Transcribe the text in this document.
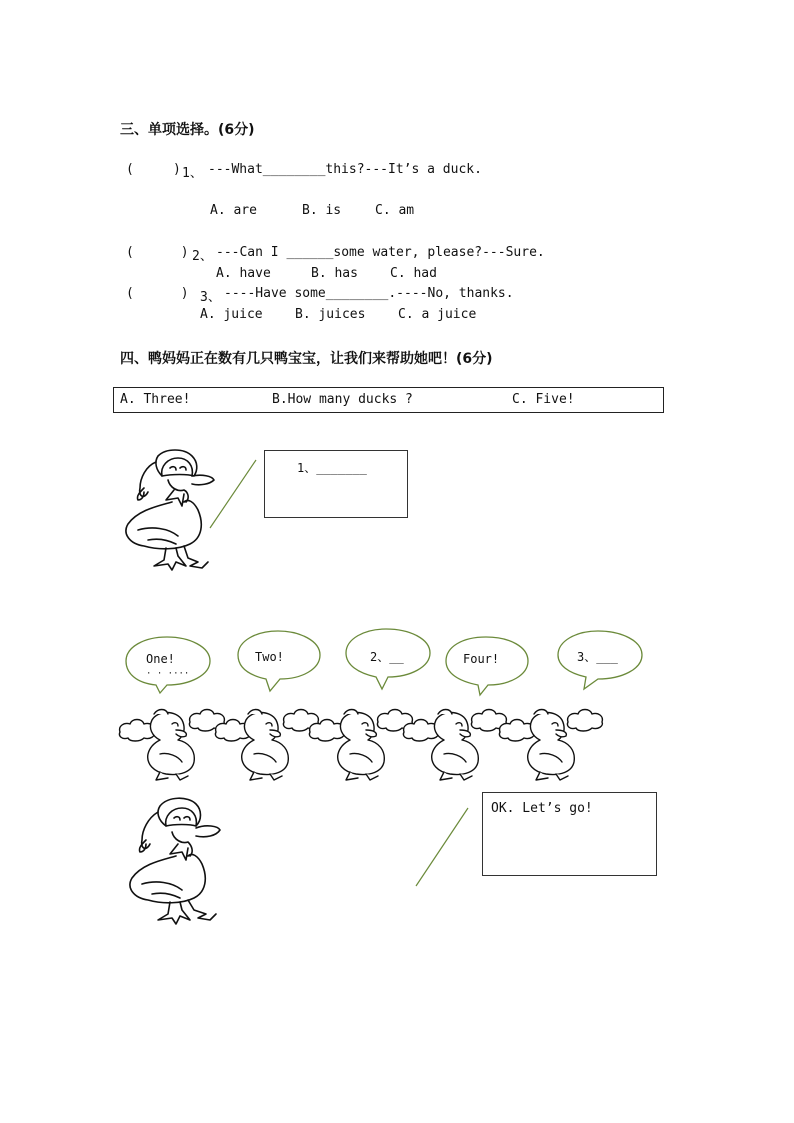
三、单项选择。(6分)
(     ) 1、 ---What________this?---It’s a duck.
A. are	B. is	C. am
(      ) 2、 ---Can I ______some water, please?---Sure.
A. have	B. has C. had
(      ) 3、 ----Have some________.----No, thanks.
A. juice B. juices	C. a juice
四、鸭妈妈正在数有几只鸭宝宝，让我们来帮助她吧！(6分)
A. Three!	B.How many ducks ?	C. Five!
1、_______
One!
· · ····
Two!	2、__	Four!	3、___
OK. Let’s go!
